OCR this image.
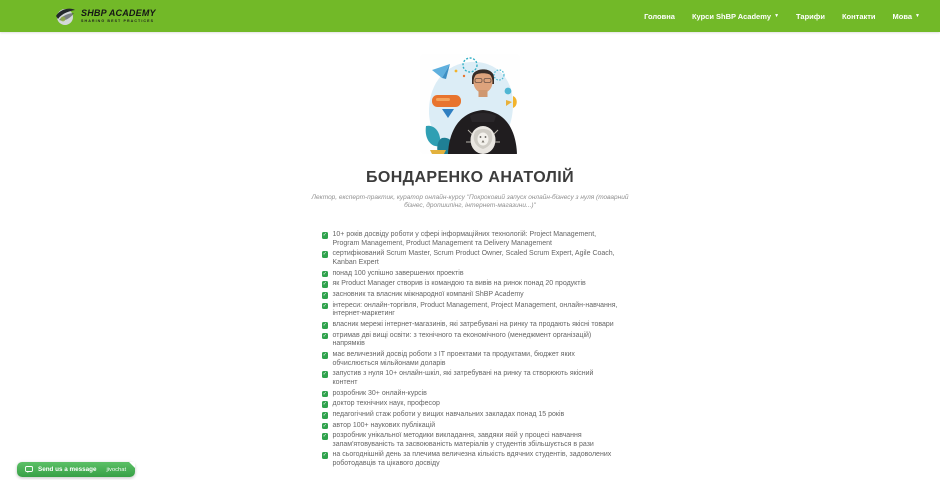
SHBP ACADEMY
SHARING BEST PRACTICES
Головна Курси ShBP Academy ▼ Тарифи Контакти Мова ▼
БОНДАРЕНКО АНАТОЛІЙ

Лектор, експерт-практик, куратор онлайн-курсу "Покроковий запуск онлайн-бізнесу з нуля (товарний бізнес, дропшипінг, інтернет-магазини...)"

✓ 10+ років досвіду роботи у сфері інформаційних технологій: Project Management, Program Management, Product Management та Delivery Management
✓ сертифікований Scrum Master, Scrum Product Owner, Scaled Scrum Expert, Agile Coach, Kanban Expert
✓ понад 100 успішно завершених проектів
✓ як Product Manager створив із командою та вивів на ринок понад 20 продуктів
✓ засновник та власник міжнародної компанії ShBP Academy
✓ інтереси: онлайн-торгівля, Product Management, Project Management, онлайн-навчання, інтернет-маркетинг
✓ власник мережі інтернет-магазинів, які затребувані на ринку та продають якісні товари
✓ отримав дві вищі освіти: з технічного та економічного (менеджмент організацій) напрямків
✓ має величезний досвід роботи з ІТ проектами та продуктами, бюджет яких обчислюється мільйонами доларів
✓ запустив з нуля 10+ онлайн-шкіл, які затребувані на ринку та створюють якісний контент
✓ розробник 30+ онлайн-курсів
✓ доктор технічних наук, професор
✓ педагогічний стаж роботи у вищих навчальних закладах понад 15 років
✓ автор 100+ наукових публікацій
✓ розробник унікальної методики викладання, завдяки якій у процесі навчання запам'ятовуваність та засвоюваність матеріалів у студентів збільшується в рази
✓ на сьогоднішній день за плечима величезна кількість вдячних студентів, задоволених роботодавців та цікавого досвіду
Send us a message jivochat
